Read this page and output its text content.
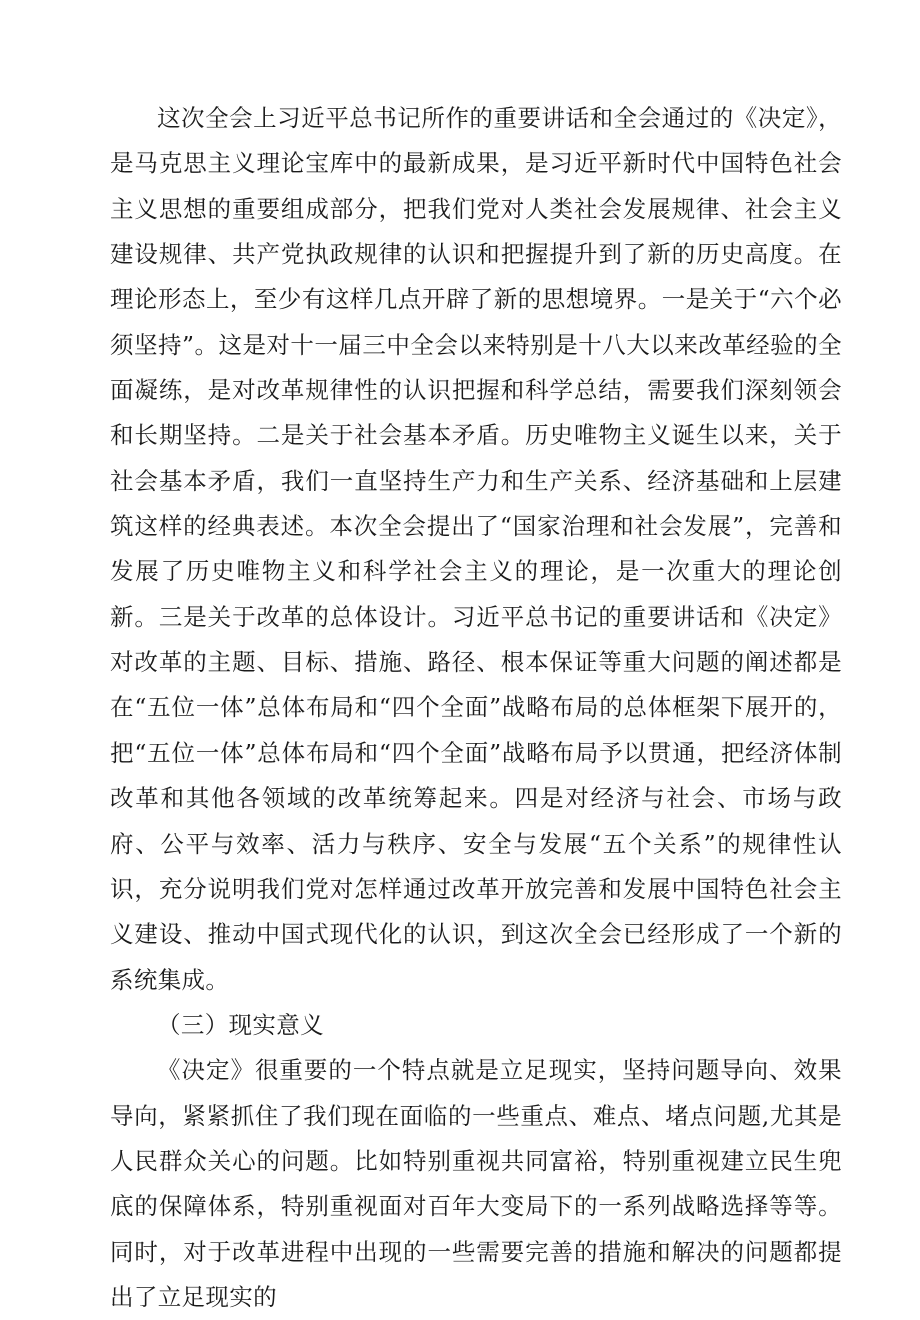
这次全会上习近平总书记所作的重要讲话和全会通过的《决定》，是马克思主义理论宝库中的最新成果，是习近平新时代中国特色社会主义思想的重要组成部分，把我们党对人类社会发展规律、社会主义建设规律、共产党执政规律的认识和把握提升到了新的历史高度。在理论形态上，至少有这样几点开辟了新的思想境界。一是关于“六个必须坚持”。这是对十一届三中全会以来特别是十八大以来改革经验的全面凝练，是对改革规律性的认识把握和科学总结，需要我们深刻领会和长期坚持。二是关于社会基本矛盾。历史唯物主义诞生以来，关于社会基本矛盾，我们一直坚持生产力和生产关系、经济基础和上层建筑这样的经典表述。本次全会提出了“国家治理和社会发展”，完善和发展了历史唯物主义和科学社会主义的理论，是一次重大的理论创新。三是关于改革的总体设计。习近平总书记的重要讲话和《决定》对改革的主题、目标、措施、路径、根本保证等重大问题的阐述都是在“五位一体”总体布局和“四个全面”战略布局的总体框架下展开的，把“五位一体”总体布局和“四个全面”战略布局予以贯通，把经济体制改革和其他各领域的改革统筹起来。四是对经济与社会、市场与政府、公平与效率、活力与秩序、安全与发展“五个关系”的规律性认识，充分说明我们党对怎样通过改革开放完善和发展中国特色社会主义建设、推动中国式现代化的认识，到这次全会已经形成了一个新的系统集成。

（三）现实意义

《决定》很重要的一个特点就是立足现实，坚持问题导向、效果导向，紧紧抓住了我们现在面临的一些重点、难点、堵点问题,尤其是人民群众关心的问题。比如特别重视共同富裕，特别重视建立民生兜底的保障体系，特别重视面对百年大变局下的一系列战略选择等等。同时，对于改革进程中出现的一些需要完善的措施和解决的问题都提出了立足现实的
